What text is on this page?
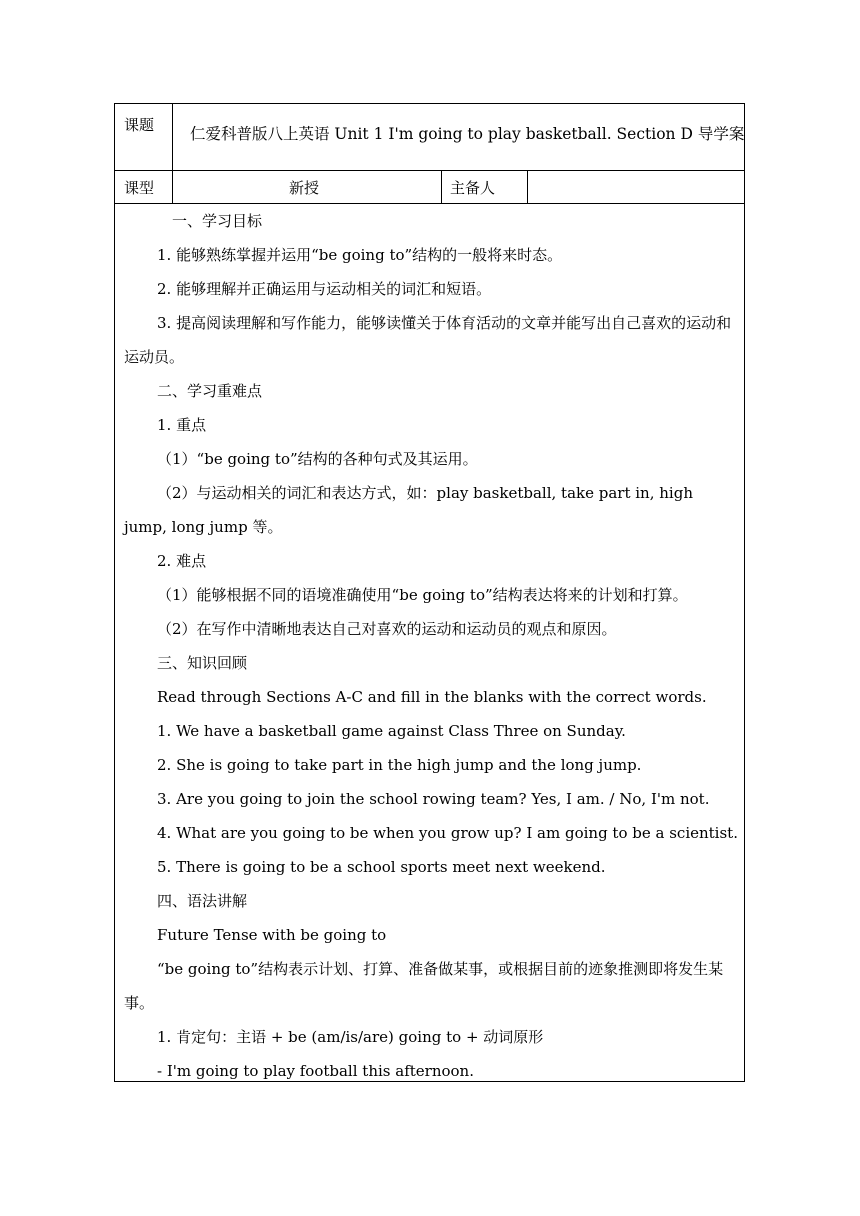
课题 仁爱科普版八上英语 Unit 1 I'm going to play basketball. Section D 导学案
课型	新授	主备人

一、学习目标

1. 能够熟练掌握并运用“be going to”结构的一般将来时态。

2. 能够理解并正确运用与运动相关的词汇和短语。

3. 提高阅读理解和写作能力，能够读懂关于体育活动的文章并能写出自己喜欢的运动和运动员。

二、学习重难点

1. 重点

（1）“be going to”结构的各种句式及其运用。

（2）与运动相关的词汇和表达方式，如：play basketball, take part in, high jump, long jump 等。

2. 难点

（1）能够根据不同的语境准确使用“be going to”结构表达将来的计划和打算。

（2）在写作中清晰地表达自己对喜欢的运动和运动员的观点和原因。

三、知识回顾

Read through Sections A-C and fill in the blanks with the correct words.

1. We have a basketball game against Class Three on Sunday.

2. She is going to take part in the high jump and the long jump.

3. Are you going to join the school rowing team? Yes, I am. / No, I'm not.

4. What are you going to be when you grow up? I am going to be a scientist.

5. There is going to be a school sports meet next weekend.

四、语法讲解

Future Tense with be going to

“be going to”结构表示计划、打算、准备做某事，或根据目前的迹象推测即将发生某事。

1. 肯定句：主语 + be (am/is/are) going to + 动词原形

- I'm going to play football this afternoon.
